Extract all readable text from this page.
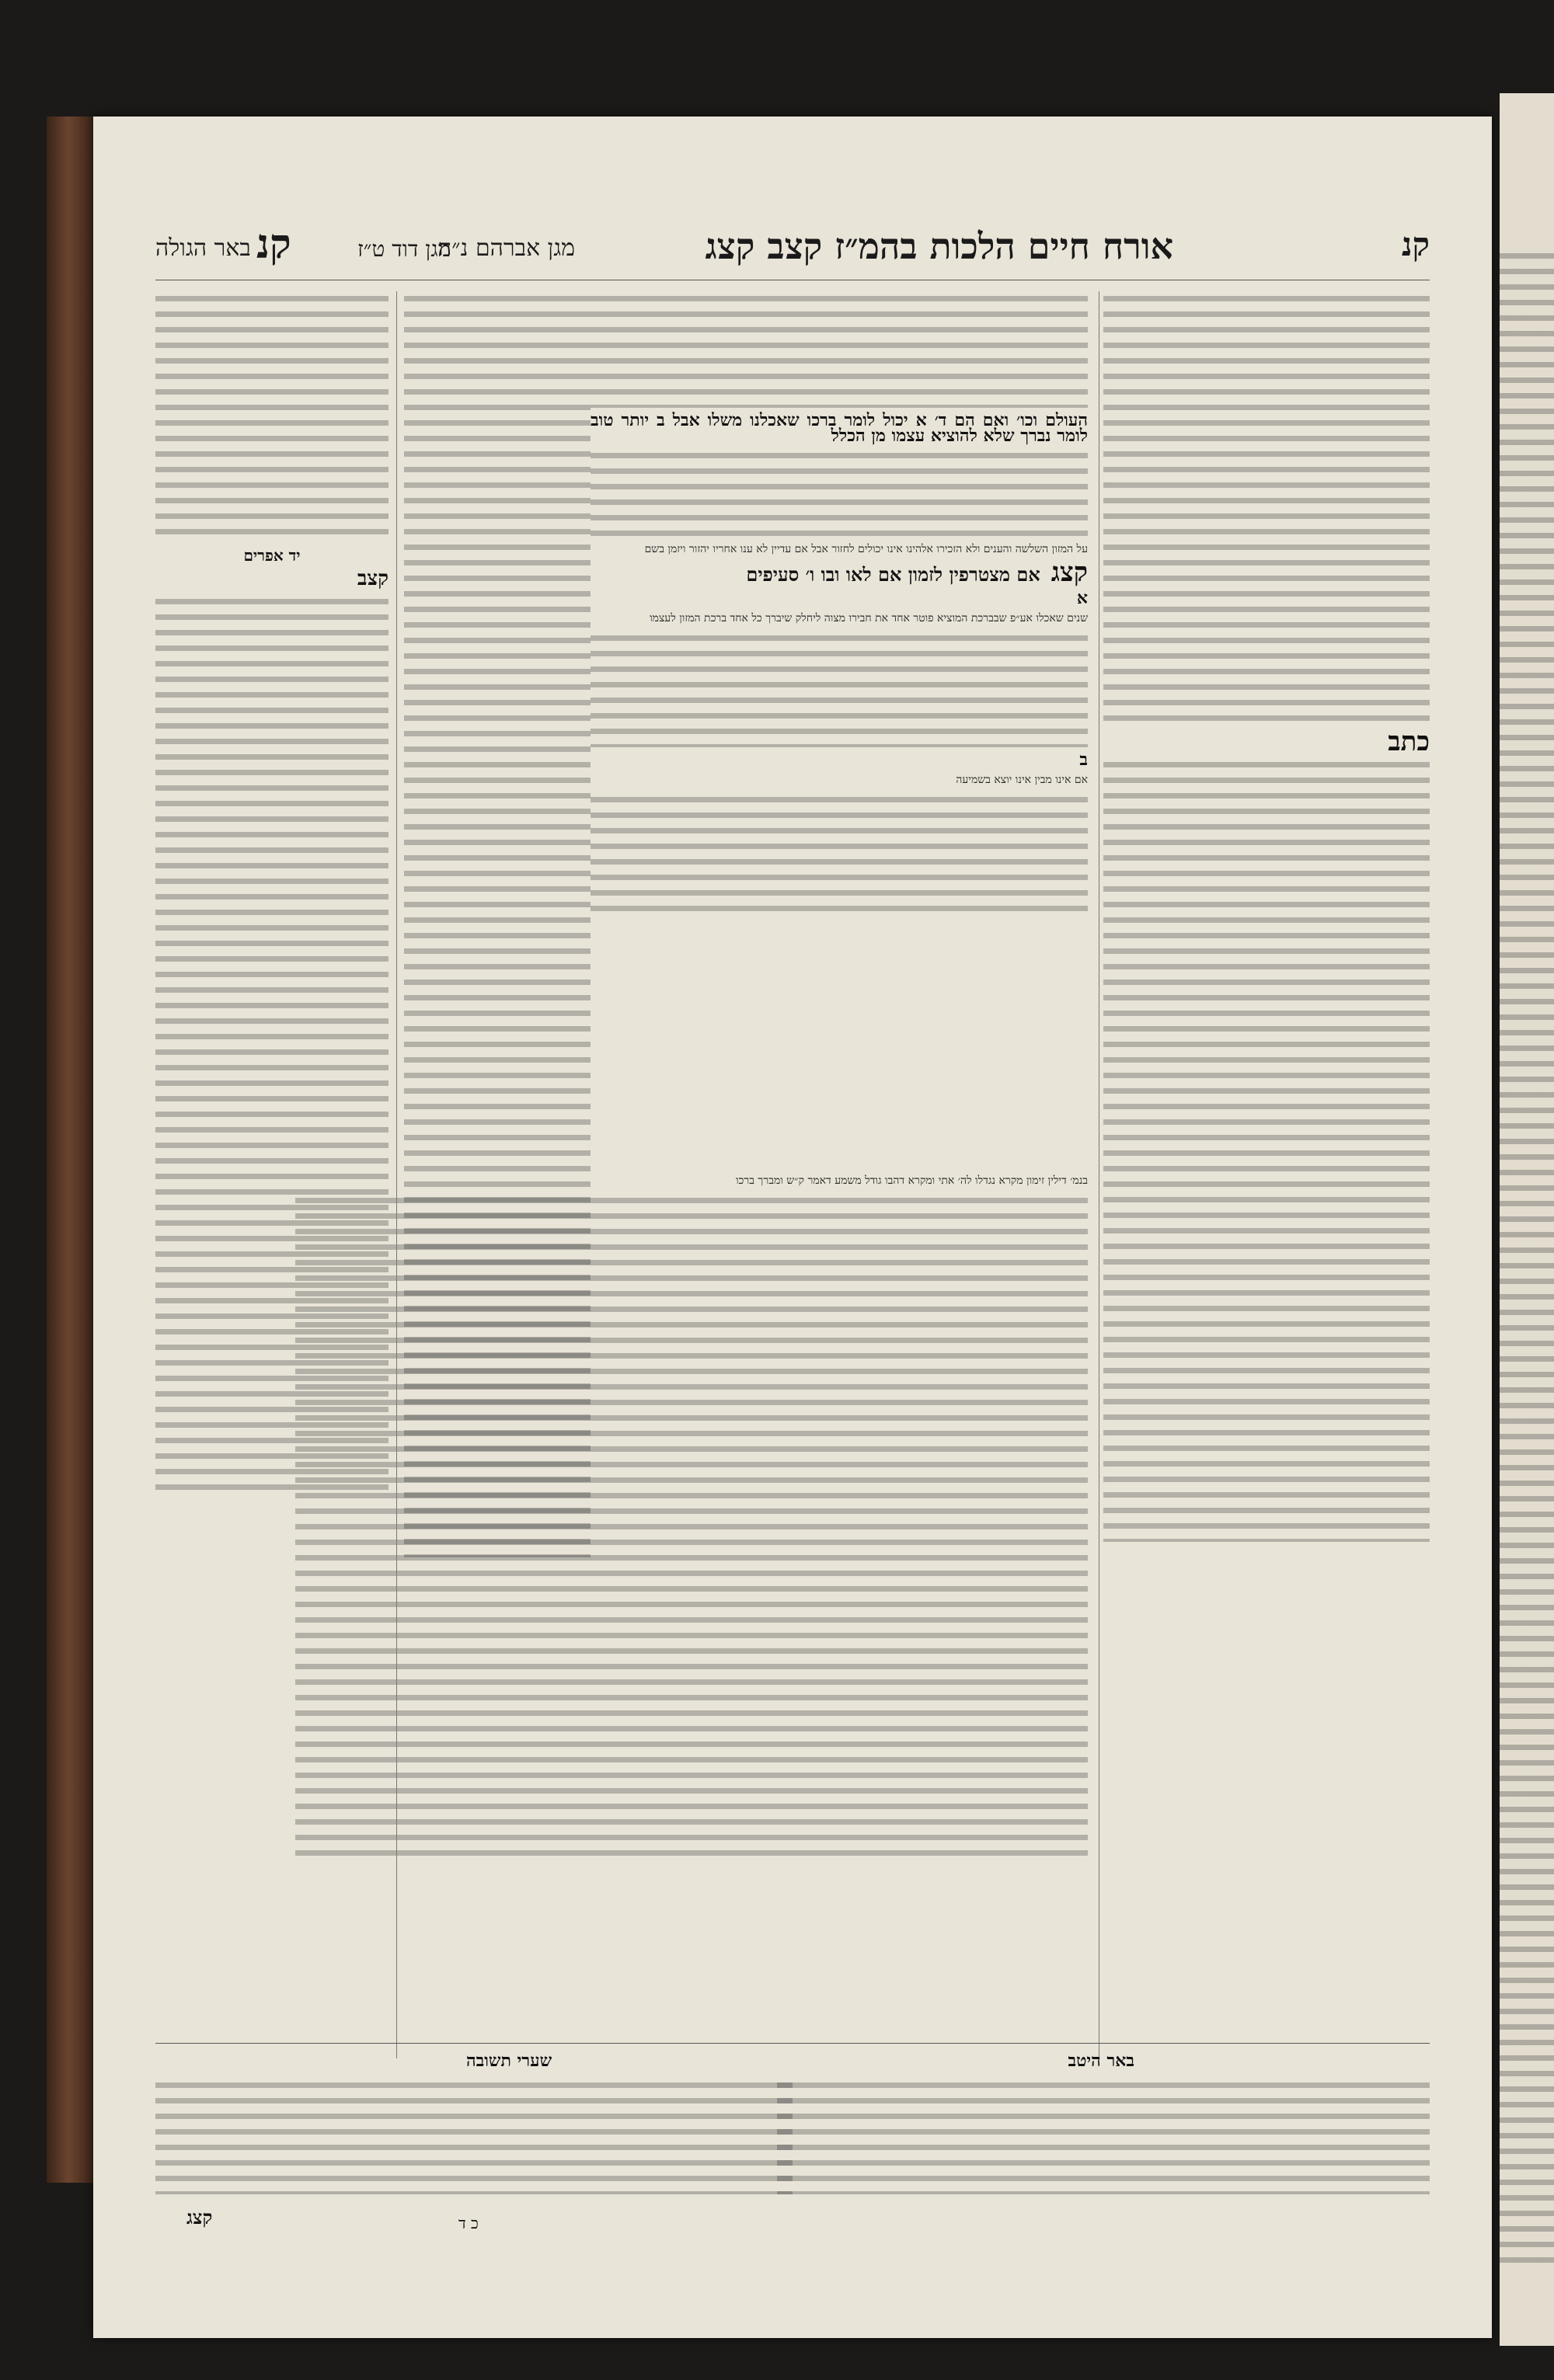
קנ
אורח חיים הלכות בהמ״ז קצב קצג
מגן אברהם נ״ה
קנ	מגן דוד ט״ז
באר הגולה
כתב

העולם וכו׳ ואם הם ד׳ א יכול לומר ברכו שאכלנו משלו אבל ב יותר טוב לומר נברך שלא להוציא עצמו מן הכלל

על המזון השלשה והענים ולא הזכירו אלהינו אינו יכולים לחזור אבל אם עדיין לא ענו אחריו יהזור ויזמן בשם

קצג
אם מצטרפין לזמון אם לאו ובו ו׳ סעיפים

א

שנים שאכלו אע״פ שבברכת המוציא פוטר אחד את חבירו מצוה ליחלק שיברך כל אחד ברכת המזון לעצמו

ב

אם אינו מבין אינו יוצא בשמיעה

יד אפרים
קצב

בנמ׳ דילין זימון מקרא נגדלו לה׳ אתי ומקרא דהבו גודל משמע דאמר ק״ש ומברך ברכו

באר היטב
שערי תשובה
קצג	כ ד
